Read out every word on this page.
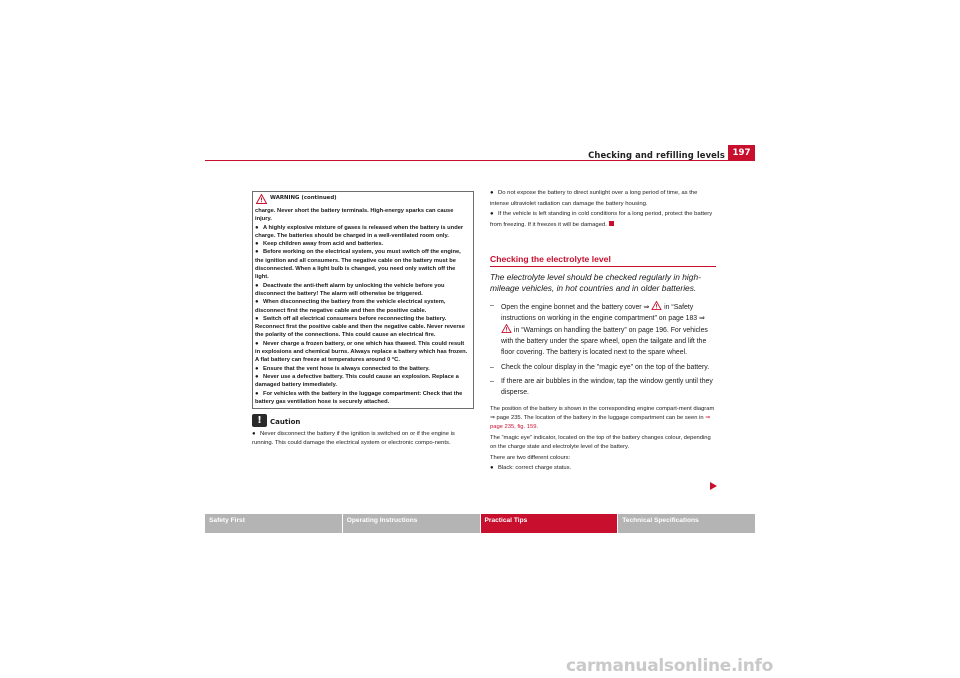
Checking and refilling levels 197
WARNING (continued)

charge. Never short the battery terminals. High-energy sparks can cause injury.

● A highly explosive mixture of gases is released when the battery is under charge. The batteries should be charged in a well-ventilated room only.

● Keep children away from acid and batteries.

● Before working on the electrical system, you must switch off the engine, the ignition and all consumers. The negative cable on the battery must be disconnected. When a light bulb is changed, you need only switch off the light.

● Deactivate the anti-theft alarm by unlocking the vehicle before you disconnect the battery! The alarm will otherwise be triggered.

● When disconnecting the battery from the vehicle electrical system, disconnect first the negative cable and then the positive cable.

● Switch off all electrical consumers before reconnecting the battery. Reconnect first the positive cable and then the negative cable. Never reverse the polarity of the connections. This could cause an electrical fire.

● Never charge a frozen battery, or one which has thawed. This could result in explosions and chemical burns. Always replace a battery which has frozen. A flat battery can freeze at temperatures around 0 °C.

● Ensure that the vent hose is always connected to the battery.

● Never use a defective battery. This could cause an explosion. Replace a damaged battery immediately.

● For vehicles with the battery in the luggage compartment: Check that the battery gas ventilation hose is securely attached.

!	Caution
● Never disconnect the battery if the ignition is switched on or if the engine is running. This could damage the electrical system or electronic compo-nents.

● Do not expose the battery to direct sunlight over a long period of time, as the intense ultraviolet radiation can damage the battery housing.

● If the vehicle is left standing in cold conditions for a long period, protect the battery from freezing. If it freezes it will be damaged.

Checking the electrolyte level
The electrolyte level should be checked regularly in high-mileage vehicles, in hot countries and in older batteries.
– Open the engine bonnet and the battery cover ⇒ in “Safety instructions on working in the engine compartment” on page 183 ⇒  in “Warnings on handling the battery” on page 196. For vehicles with the battery under the spare wheel, open the tailgate and lift the floor covering. The battery is located next to the spare wheel.
– Check the colour display in the "magic eye" on the top of the battery.
– If there are air bubbles in the window, tap the window gently until they disperse.

The position of the battery is shown in the corresponding engine compart-ment diagram ⇒ page 235. The location of the battery in the luggage compartment can be seen in ⇒ page 235, fig. 159.

The “magic eye” indicator, located on the top of the battery changes colour, depending on the charge state and electrolyte level of the battery.

There are two different colours:

● Black: correct charge status.

Safety First	Operating Instructions	Practical Tips	Technical Specifications
carmanualsonline.info
